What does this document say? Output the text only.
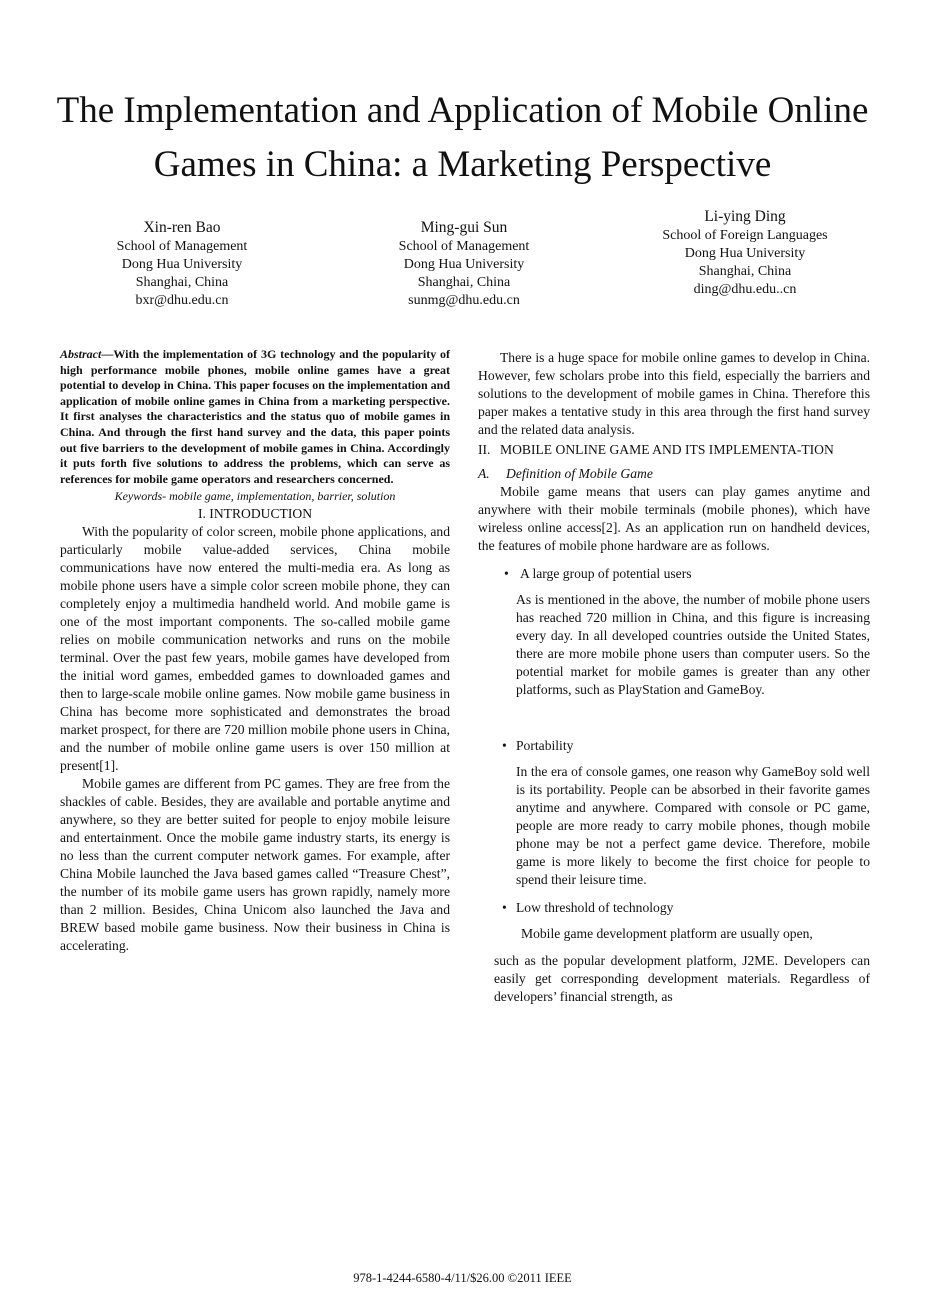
The Implementation and Application of Mobile Online Games in China: a Marketing Perspective
Xin-ren Bao
School of Management
Dong Hua University
Shanghai, China
bxr@dhu.edu.cn
Ming-gui Sun
School of Management
Dong Hua University
Shanghai, China
sunmg@dhu.edu.cn
Li-ying Ding
School of Foreign Languages
Dong Hua University
Shanghai, China
ding@dhu.edu..cn

Abstract—With the implementation of 3G technology and the popularity of high performance mobile phones, mobile online games have a great potential to develop in China. This paper focuses on the implementation and application of mobile online games in China from a marketing perspective. It first analyses the characteristics and the status quo of mobile games in China. And through the first hand survey and the data, this paper points out five barriers to the development of mobile games in China. Accordingly it puts forth five solutions to address the problems, which can serve as references for mobile game operators and researchers concerned.

Keywords- mobile game, implementation, barrier, solution

I. INTRODUCTION

With the popularity of color screen, mobile phone applications, and particularly mobile value-added services, China mobile communications have now entered the multi-media era. As long as mobile phone users have a simple color screen mobile phone, they can completely enjoy a multimedia handheld world. And mobile game is one of the most important components. The so-called mobile game relies on mobile communication networks and runs on the mobile terminal. Over the past few years, mobile games have developed from the initial word games, embedded games to downloaded games and then to large-scale mobile online games. Now mobile game business in China has become more sophisticated and demonstrates the broad market prospect, for there are 720 million mobile phone users in China, and the number of mobile online game users is over 150 million at present[1].

Mobile games are different from PC games. They are free from the shackles of cable. Besides, they are available and portable anytime and anywhere, so they are better suited for people to enjoy mobile leisure and entertainment. Once the mobile game industry starts, its energy is no less than the current computer network games. For example, after China Mobile launched the Java based games called “Treasure Chest”, the number of its mobile game users has grown rapidly, namely more than 2 million. Besides, China Unicom also launched the Java and BREW based mobile game business. Now their business in China is accelerating.

There is a huge space for mobile online games to develop in China. However, few scholars probe into this field, especially the barriers and solutions to the development of mobile games in China. Therefore this paper makes a tentative study in this area through the first hand survey and the related data analysis.

II. MOBILE ONLINE GAME AND ITS IMPLEMENTA-TION

A. Definition of Mobile Game

Mobile game means that users can play games anytime and anywhere with their mobile terminals (mobile phones), which have wireless online access[2]. As an application run on handheld devices, the features of mobile phone hardware are as follows.

• A large group of potential users

As is mentioned in the above, the number of mobile phone users has reached 720 million in China, and this figure is increasing every day. In all developed countries outside the United States, there are more mobile phone users than computer users. So the potential market for mobile games is greater than any other platforms, such as PlayStation and GameBoy.

• Portability

In the era of console games, one reason why GameBoy sold well is its portability. People can be absorbed in their favorite games anytime and anywhere. Compared with console or PC game, people are more ready to carry mobile phones, though mobile phone may be not a perfect game device. Therefore, mobile game is more likely to become the first choice for people to spend their leisure time.

• Low threshold of technology

Mobile game development platform are usually open,

such as the popular development platform, J2ME. Developers can easily get corresponding development materials. Regardless of developers’ financial strength, as

978-1-4244-6580-4/11/$26.00 ©2011 IEEE
